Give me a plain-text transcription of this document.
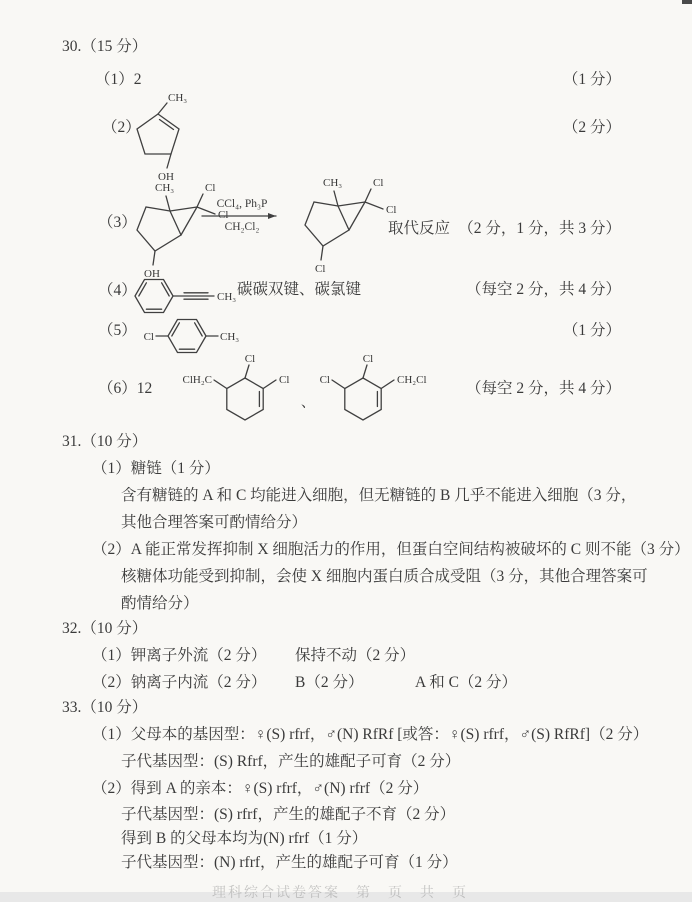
30.（15 分）
（1）2	（1 分）
（2）	（2 分）
CH₃
OH
（3）
CH₃	Cl
Cl
OH
CCl₄, Ph₃P
CH₂Cl₂
CH₃	Cl
Cl
Cl
取代反应 （2 分，1 分，共 3 分）
（4）	CH₃ 碳碳双键、碳氯键	（每空 2 分，共 4 分）
（5） Cl	CH₃	（1 分）
（6）12	ClH₂C
Cl
Cl
、
Cl
Cl
CH₂Cl	（每空 2 分，共 4 分）
31.（10 分）
（1）糖链（1 分）
含有糖链的 A 和 C 均能进入细胞，但无糖链的 B 几乎不能进入细胞（3 分，
其他合理答案可酌情给分）
（2）A 能正常发挥抑制 X 细胞活力的作用，但蛋白空间结构被破坏的 C 则不能（3 分）
核糖体功能受到抑制，会使 X 细胞内蛋白质合成受阻（3 分，其他合理答案可
酌情给分）
32.（10 分）
（1）钾离子外流（2 分） 保持不动（2 分）
（2）钠离子内流（2 分） B（2 分）	A 和 C（2 分）
33.（10 分）
（1）父母本的基因型：♀(S) rfrf，♂(N) RfRf [或答：♀(S) rfrf，♂(S) RfRf]（2 分）
子代基因型：(S) Rfrf，产生的雄配子可育（2 分）
（2）得到 A 的亲本：♀(S) rfrf，♂(N) rfrf（2 分）
子代基因型：(S) rfrf，产生的雄配子不育（2 分）
得到 B 的父母本均为(N) rfrf（1 分）
子代基因型：(N) rfrf，产生的雄配子可育（1 分）
理科综合试卷答案　第　页　共　页
